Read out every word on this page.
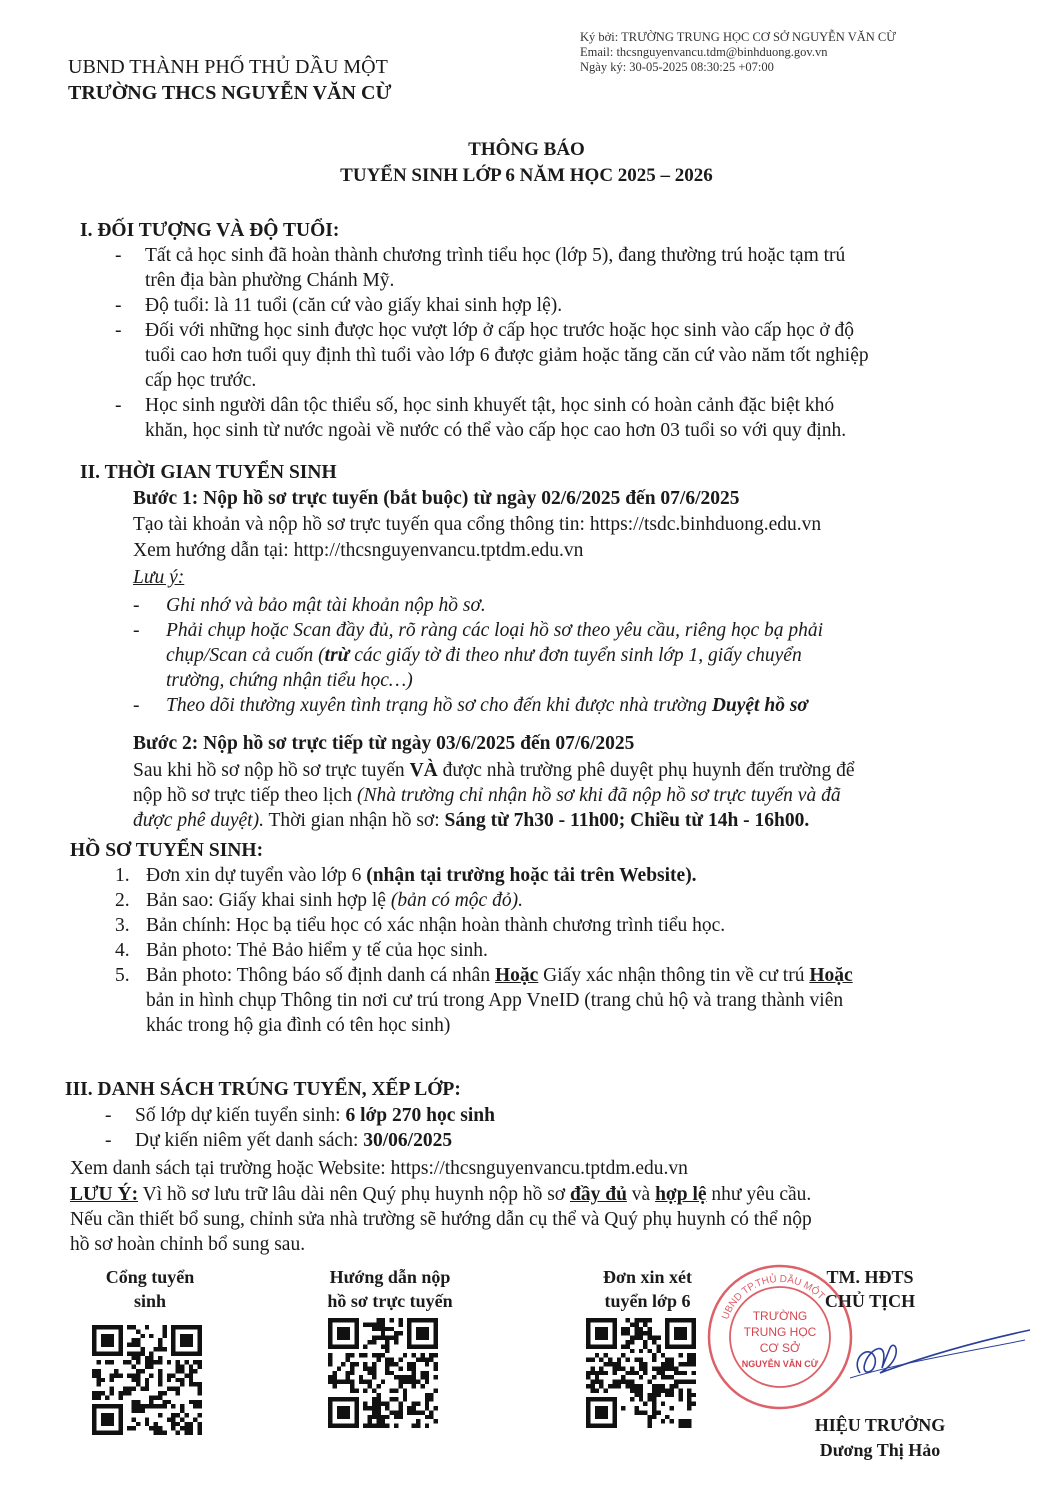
Ký bởi: TRƯỜNG TRUNG HỌC CƠ SỞ NGUYỄN VĂN CỪ
Email: thcsnguyenvancu.tdm@binhduong.gov.vn
Ngày ký: 30-05-2025 08:30:25 +07:00
UBND THÀNH PHỐ THỦ DẦU MỘT
TRƯỜNG THCS NGUYỄN VĂN CỪ
THÔNG BÁO
TUYỂN SINH LỚP 6 NĂM HỌC 2025 – 2026
I. ĐỐI TƯỢNG VÀ ĐỘ TUỔI:
- Tất cả học sinh đã hoàn thành chương trình tiểu học (lớp 5), đang thường trú hoặc tạm trú
trên địa bàn phường Chánh Mỹ.
- Độ tuổi: là 11 tuổi (căn cứ vào giấy khai sinh hợp lệ).
- Đối với những học sinh được học vượt lớp ở cấp học trước hoặc học sinh vào cấp học ở độ
tuổi cao hơn tuổi quy định thì tuổi vào lớp 6 được giảm hoặc tăng căn cứ vào năm tốt nghiệp
cấp học trước.
- Học sinh người dân tộc thiểu số, học sinh khuyết tật, học sinh có hoàn cảnh đặc biệt khó
khăn, học sinh từ nước ngoài về nước có thể vào cấp học cao hơn 03 tuổi so với quy định.
II. THỜI GIAN TUYỂN SINH
Bước 1: Nộp hồ sơ trực tuyến (bắt buộc) từ ngày 02/6/2025 đến 07/6/2025
Tạo tài khoản và nộp hồ sơ trực tuyến qua cổng thông tin: https://tsdc.binhduong.edu.vn
Xem hướng dẫn tại: http://thcsnguyenvancu.tptdm.edu.vn
Lưu ý:
- Ghi nhớ và bảo mật tài khoản nộp hồ sơ.
- Phải chụp hoặc Scan đầy đủ, rõ ràng các loại hồ sơ theo yêu cầu, riêng học bạ phải
chụp/Scan cả cuốn (trừ các giấy tờ đi theo như đơn tuyển sinh lớp 1, giấy chuyển
trường, chứng nhận tiểu học…)
- Theo dõi thường xuyên tình trạng hồ sơ cho đến khi được nhà trường Duyệt hồ sơ
Bước 2: Nộp hồ sơ trực tiếp từ ngày 03/6/2025 đến 07/6/2025
Sau khi hồ sơ nộp hồ sơ trực tuyến VÀ được nhà trường phê duyệt phụ huynh đến trường để
nộp hồ sơ trực tiếp theo lịch (Nhà trường chỉ nhận hồ sơ khi đã nộp hồ sơ trực tuyến và đã
được phê duyệt). Thời gian nhận hồ sơ: Sáng từ 7h30 - 11h00; Chiều từ 14h - 16h00.
HỒ SƠ TUYỂN SINH:
1. Đơn xin dự tuyển vào lớp 6 (nhận tại trường hoặc tải trên Website).
2. Bản sao: Giấy khai sinh hợp lệ (bản có mộc đỏ).
3. Bản chính: Học bạ tiểu học có xác nhận hoàn thành chương trình tiểu học.
4. Bản photo: Thẻ Bảo hiểm y tế của học sinh.
5. Bản photo: Thông báo số định danh cá nhân Hoặc Giấy xác nhận thông tin về cư trú Hoặc
bản in hình chụp Thông tin nơi cư trú trong App VneID (trang chủ hộ và trang thành viên
khác trong hộ gia đình có tên học sinh)
III. DANH SÁCH TRÚNG TUYỂN, XẾP LỚP:
- Số lớp dự kiến tuyển sinh: 6 lớp 270 học sinh
- Dự kiến niêm yết danh sách: 30/06/2025
Xem danh sách tại trường hoặc Website: https://thcsnguyenvancu.tptdm.edu.vn
LƯU Ý: Vì hồ sơ lưu trữ lâu dài nên Quý phụ huynh nộp hồ sơ đầy đủ và hợp lệ như yêu cầu.
Nếu cần thiết bổ sung, chỉnh sửa nhà trường sẽ hướng dẫn cụ thể và Quý phụ huynh có thể nộp
hồ sơ hoàn chỉnh bổ sung sau.
Cổng tuyển
sinh
Hướng dẫn nộp
hồ sơ trực tuyến
Đơn xin xét
tuyển lớp 6
UBND TP.THỦ DẦU MỘT
TRƯỜNG
TRUNG HỌC
CƠ SỞ
NGUYỄN VĂN CỪ
TM. HĐTS
CHỦ TỊCH
HIỆU TRƯỞNG
Dương Thị Hảo
